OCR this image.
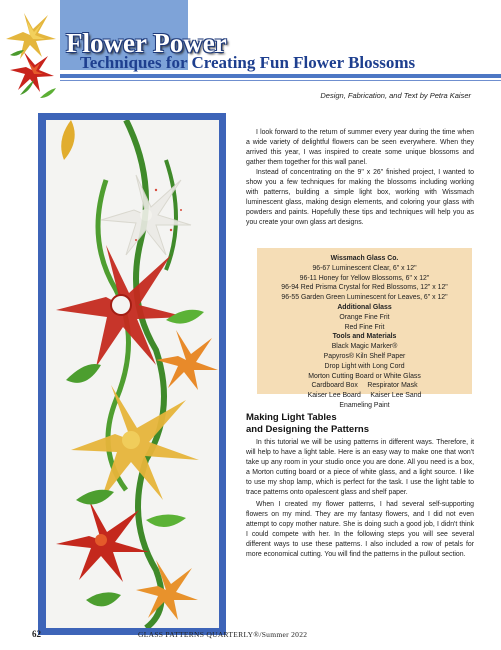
Flower Power
Techniques for Creating Fun Flower Blossoms
Design, Fabrication, and Text by Petra Kaiser

I look forward to the return of summer every year during the time when a wide variety of delightful flowers can be seen everywhere. When they arrived this year, I was inspired to create some unique blossoms and gather them together for this wall panel.

Instead of concentrating on the 9" x 26" finished project, I wanted to show you a few techniques for making the blossoms including working with patterns, building a simple light box, working with Wissmach luminescent glass, making design elements, and coloring your glass with powders and paints. Hopefully these tips and techniques will help you as you create your own glass art designs.

Wissmach Glass Co.
96-67 Luminescent Clear, 6" x 12"
96-11 Honey for Yellow Blossoms, 6" x 12"
96-94 Red Prisma Crystal for Red Blossoms, 12" x 12"
96-55 Garden Green Luminescent for Leaves, 6" x 12"
Additional Glass
Orange Fine Frit
Red Fine Frit
Tools and Materials
Black Magic Marker®
Papyros® Kiln Shelf Paper
Drop Light with Long Cord
Morton Cutting Board or White Glass
Cardboard Box     Respirator Mask
Kaiser Lee Board     Kaiser Lee Sand
Enameling Paint
Making Light Tables
and Designing the Patterns

In this tutorial we will be using patterns in different ways. Therefore, it will help to have a light table. Here is an easy way to make one that won't take up any room in your studio once you are done. All you need is a box, a Morton cutting board or a piece of white glass, and a light source. I like to use my shop lamp, which is perfect for the task. I use the light table to trace patterns onto opalescent glass and shelf paper.

When I created my flower patterns, I had several self-supporting flowers on my mind. They are my fantasy flowers, and I did not even attempt to copy mother nature. She is doing such a good job, I didn't think I could compete with her. In the following steps you will see several different ways to use these patterns. I also included a row of petals for more economical cutting. You will find the patterns in the pullout section.

62	GLASS PATTERNS QUARTERLY®/Summer 2022
